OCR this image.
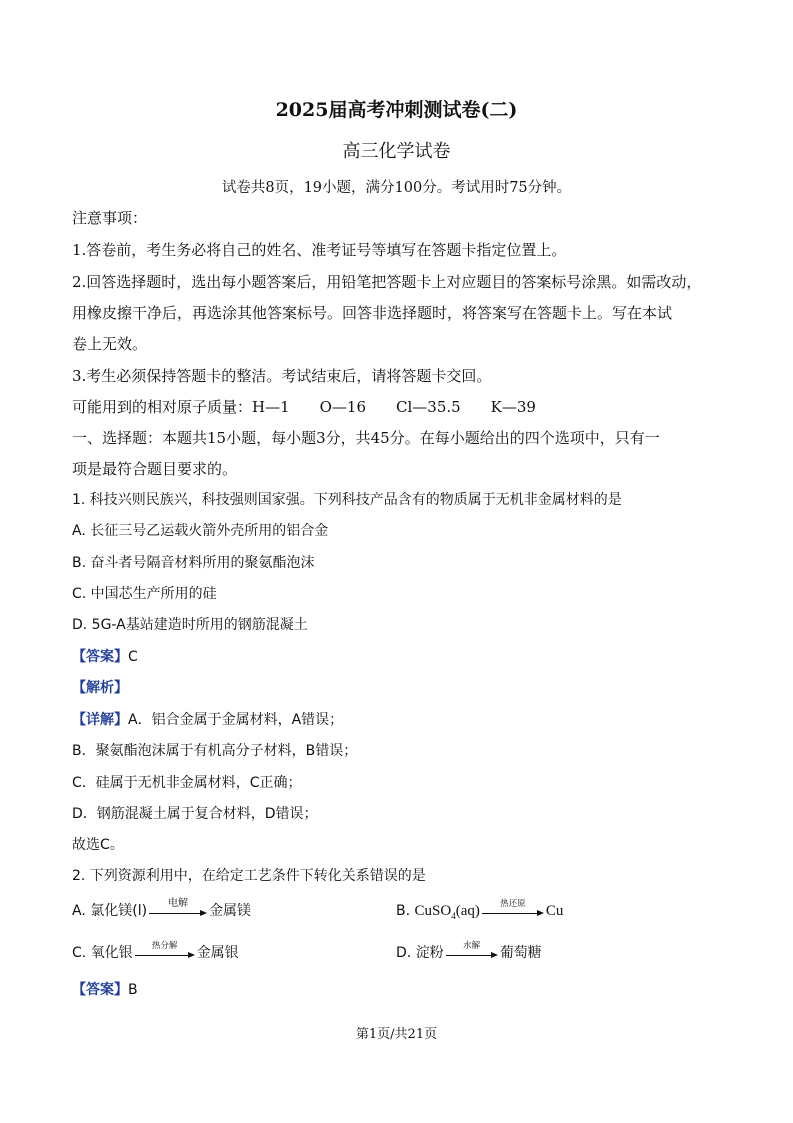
2025届高考冲刺测试卷(二)
高三化学试卷
试卷共8页，19小题，满分100分。考试用时75分钟。
注意事项：
1.答卷前，考生务必将自己的姓名、准考证号等填写在答题卡指定位置上。
2.回答选择题时，选出每小题答案后，用铅笔把答题卡上对应题目的答案标号涂黑。如需改动，
用橡皮擦干净后，再选涂其他答案标号。回答非选择题时，将答案写在答题卡上。写在本试
卷上无效。
3.考生必须保持答题卡的整洁。考试结束后，请将答题卡交回。
可能用到的相对原子质量：H—1　　O—16　　Cl—35.5　　K—39
一、选择题：本题共15小题，每小题3分，共45分。在每小题给出的四个选项中，只有一
项是最符合题目要求的。
1. 科技兴则民族兴，科技强则国家强。下列科技产品含有的物质属于无机非金属材料的是
A. 长征三号乙运载火箭外壳所用的铝合金
B. 奋斗者号隔音材料所用的聚氨酯泡沫
C. 中国芯生产所用的硅
D. 5G-A基站建造时所用的钢筋混凝土
【答案】C
【解析】
【详解】A．铝合金属于金属材料，A错误；
B．聚氨酯泡沫属于有机高分子材料，B错误；
C．硅属于无机非金属材料，C正确；
D．钢筋混凝土属于复合材料，D错误；
故选C。
2. 下列资源利用中，在给定工艺条件下转化关系错误的是
A. 氯化镁(l)	电解	金属镁	B. CuSO$_4$(aq)	热还原	Cu
C. 氧化银	热分解	金属银	D. 淀粉	水解	葡萄糖
【答案】B
第1页/共21页
